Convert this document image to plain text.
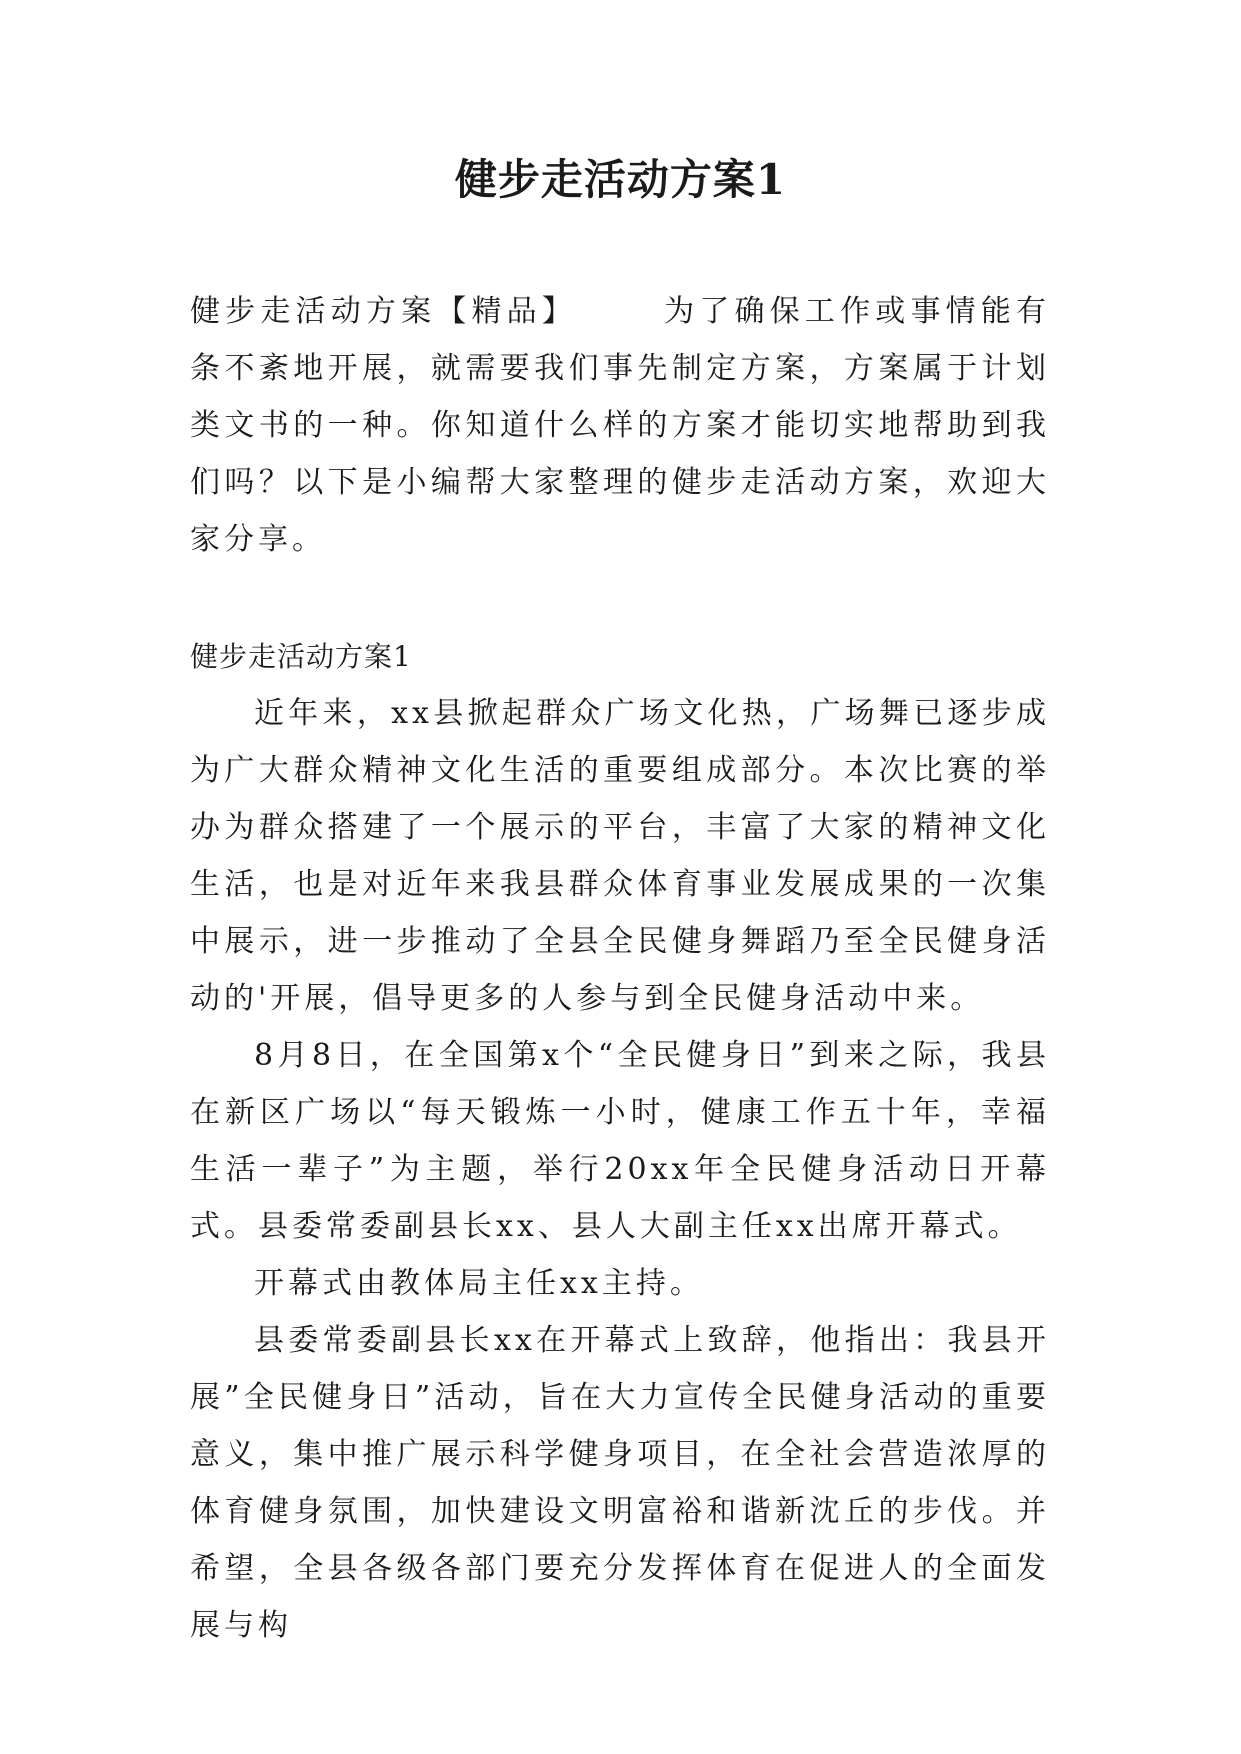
健步走活动方案1

健步走活动方案【精品】	为了确保工作或事情能有条不紊地开展，就需要我们事先制定方案，方案属于计划类文书的一种。你知道什么样的方案才能切实地帮助到我们吗？以下是小编帮大家整理的健步走活动方案，欢迎大家分享。

健步走活动方案1

近年来，xx县掀起群众广场文化热，广场舞已逐步成为广大群众精神文化生活的重要组成部分。本次比赛的举办为群众搭建了一个展示的平台，丰富了大家的精神文化生活，也是对近年来我县群众体育事业发展成果的一次集中展示，进一步推动了全县全民健身舞蹈乃至全民健身活动的'开展，倡导更多的人参与到全民健身活动中来。

8月8日，在全国第x个“全民健身日”到来之际，我县在新区广场以“每天锻炼一小时，健康工作五十年，幸福生活一辈子”为主题，举行20xx年全民健身活动日开幕式。县委常委副县长xx、县人大副主任xx出席开幕式。

开幕式由教体局主任xx主持。

县委常委副县长xx在开幕式上致辞，他指出：我县开展”全民健身日”活动，旨在大力宣传全民健身活动的重要意义，集中推广展示科学健身项目，在全社会营造浓厚的体育健身氛围，加快建设文明富裕和谐新沈丘的步伐。并希望，全县各级各部门要充分发挥体育在促进人的全面发展与构
